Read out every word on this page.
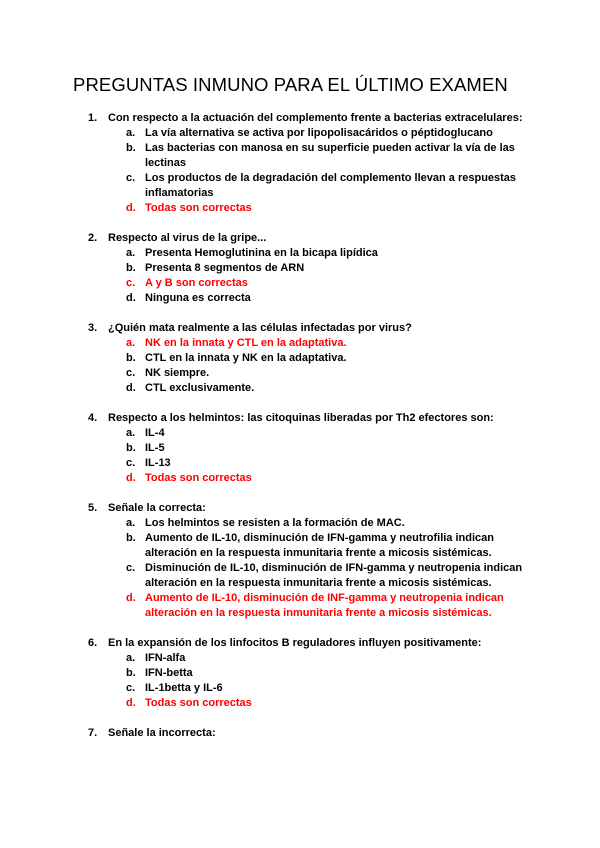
PREGUNTAS INMUNO PARA EL ÚLTIMO EXAMEN
1. Con respecto a la actuación del complemento frente a bacterias extracelulares:
a. La vía alternativa se activa por lipopolisacáridos o péptidoglucano
b. Las bacterias con manosa en su superficie pueden activar la vía de las lectinas
c. Los productos de la degradación del complemento llevan a respuestas inflamatorias
d. Todas son correctas
2. Respecto al virus de la gripe...
a. Presenta Hemoglutinina en la bicapa lipídica
b. Presenta 8 segmentos de ARN
c. A y B son correctas
d. Ninguna es correcta
3. ¿Quién mata realmente a las células infectadas por virus?
a. NK en la innata y CTL en la adaptativa.
b. CTL en la innata y NK en la adaptativa.
c. NK siempre.
d. CTL exclusivamente.
4. Respecto a los helmintos: las citoquinas liberadas por Th2 efectores son:
a. IL-4
b. IL-5
c. IL-13
d. Todas son correctas
5. Señale la correcta:
a. Los helmintos se resisten a la formación de MAC.
b. Aumento de IL-10, disminución de IFN-gamma y neutrofilia indican alteración en la respuesta inmunitaria frente a micosis sistémicas.
c. Disminución de IL-10, disminución de IFN-gamma y neutropenia indican alteración en la respuesta inmunitaria frente a micosis sistémicas.
d. Aumento de IL-10, disminución de INF-gamma y neutropenia indican alteración en la respuesta inmunitaria frente a micosis sistémicas.
6. En la expansión de los linfocitos B reguladores influyen positivamente:
a. IFN-alfa
b. IFN-betta
c. IL-1betta y IL-6
d. Todas son correctas
7. Señale la incorrecta:
